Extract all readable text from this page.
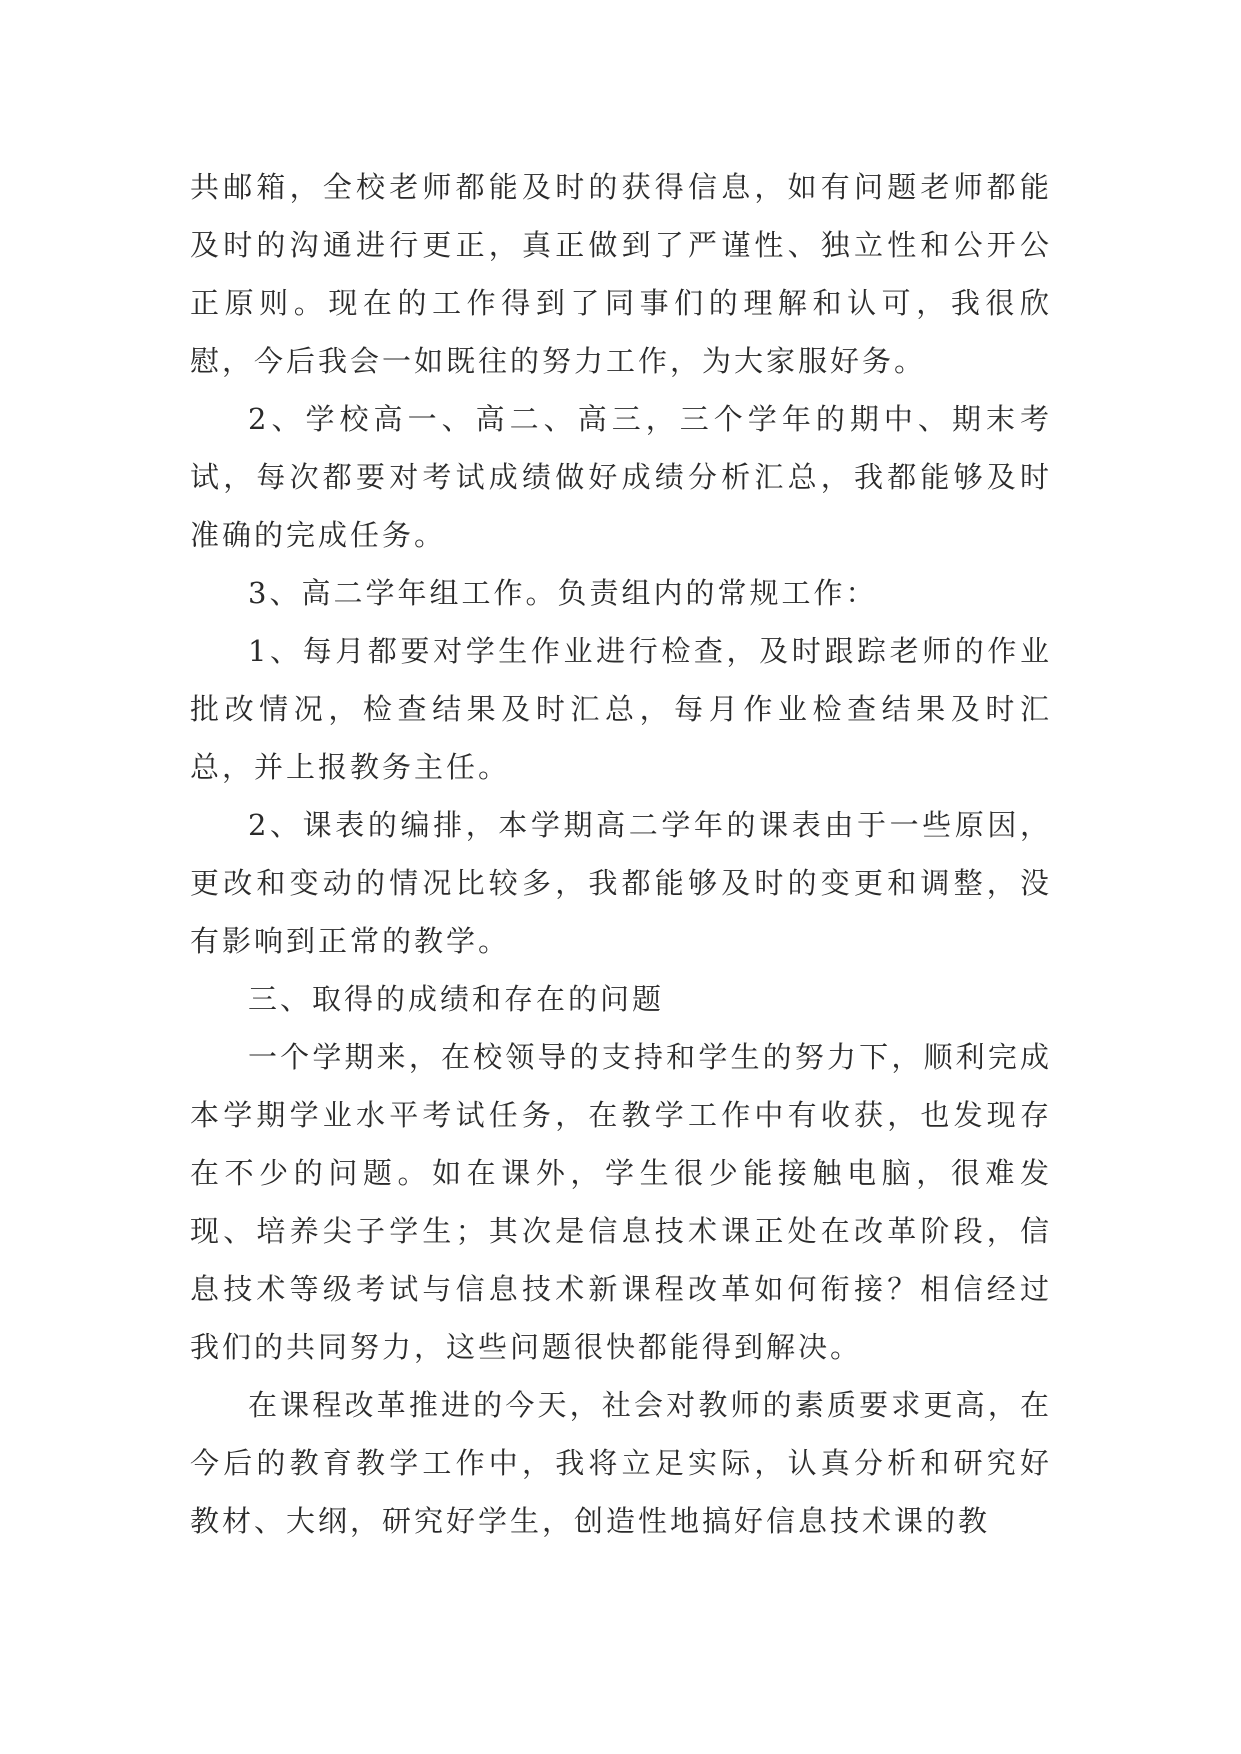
共邮箱，全校老师都能及时的获得信息，如有问题老师都能及时的沟通进行更正，真正做到了严谨性、独立性和公开公正原则。现在的工作得到了同事们的理解和认可，我很欣慰，今后我会一如既往的努力工作，为大家服好务。

2、学校高一、高二、高三，三个学年的期中、期末考试，每次都要对考试成绩做好成绩分析汇总，我都能够及时准确的完成任务。

3、高二学年组工作。负责组内的常规工作：

1、每月都要对学生作业进行检查，及时跟踪老师的作业批改情况，检查结果及时汇总，每月作业检查结果及时汇总，并上报教务主任。

2、课表的编排，本学期高二学年的课表由于一些原因，更改和变动的情况比较多，我都能够及时的变更和调整，没有影响到正常的教学。

三、取得的成绩和存在的问题

一个学期来，在校领导的支持和学生的努力下，顺利完成本学期学业水平考试任务，在教学工作中有收获，也发现存在不少的问题。如在课外，学生很少能接触电脑，很难发现、培养尖子学生；其次是信息技术课正处在改革阶段，信息技术等级考试与信息技术新课程改革如何衔接？相信经过我们的共同努力，这些问题很快都能得到解决。

在课程改革推进的今天，社会对教师的素质要求更高，在今后的教育教学工作中，我将立足实际，认真分析和研究好教材、大纲，研究好学生，创造性地搞好信息技术课的教
